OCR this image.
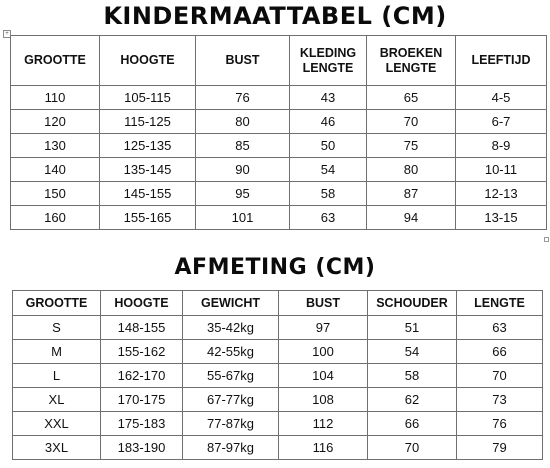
+
KINDERMAATTABEL (CM)
GROOTTE	HOOGTE	BUST	KLEDING LENGTE	BROEKEN LENGTE	LEEFTIJD
110	105-115	76	43	65	4-5
120	115-125	80	46	70	6-7
130	125-135	85	50	75	8-9
140	135-145	90	54	80	10-11
150	145-155	95	58	87	12-13
160	155-165	101	63	94	13-15
AFMETING (CM)
GROOTTE	HOOGTE	GEWICHT	BUST	SCHOUDER	LENGTE
S	148-155	35-42kg	97	51	63
M	155-162	42-55kg	100	54	66
L	162-170	55-67kg	104	58	70
XL	170-175	67-77kg	108	62	73
XXL	175-183	77-87kg	112	66	76
3XL	183-190	87-97kg	116	70	79
